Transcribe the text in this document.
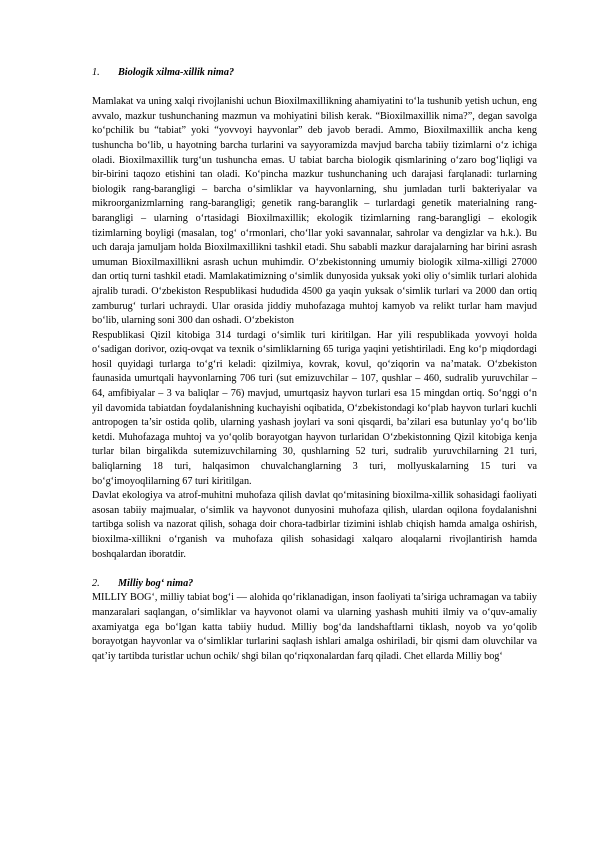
1.	Biologik xilma-xillik nima?

Mamlakat va uning xalqi rivojlanishi uchun Bioxilmaxillikning ahamiyatini to‘la tushunib yetish uchun, eng avvalo, mazkur tushunchaning mazmun va mohiyatini bilish kerak. “Bioxilmaxillik nima?”, degan savolga ko‘pchilik bu “tabiat” yoki “yovvoyi hayvonlar” deb javob beradi. Ammo, Bioxilmaxillik ancha keng tushuncha bo‘lib, u hayotning barcha turlarini va sayyoramizda mavjud barcha tabiiy tizimlarni o‘z ichiga oladi. Bioxilmaxillik turg‘un tushuncha emas. U tabiat barcha biologik qismlarining o‘zaro bog‘liqligi va bir-birini taqozo etishini tan oladi. Ko‘pincha mazkur tushunchaning uch darajasi farqlanadi: turlarning biologik rang-barangligi – barcha o‘simliklar va hayvonlarning, shu jumladan turli bakteriyalar va mikroorganizmlarning rang-barangligi; genetik rang-baranglik – turlardagi genetik materialning rang-barangligi – ularning o‘rtasidagi Bioxilmaxillik; ekologik tizimlarning rang-barangligi – ekologik tizimlarning boyligi (masalan, tog‘ o‘rmonlari, cho‘llar yoki savannalar, sahrolar va dengizlar va h.k.). Bu uch daraja jamuljam holda Bioxilmaxillikni tashkil etadi. Shu sababli mazkur darajalarning har birini asrash umuman Bioxilmaxillikni asrash uchun muhimdir. O‘zbekistonning umumiy biologik xilma-xilligi 27000 dan ortiq turni tashkil etadi. Mamlakatimizning o‘simlik dunyosida yuksak yoki oliy o‘simlik turlari alohida ajralib turadi. O‘zbekiston Respublikasi hududida 4500 ga yaqin yuksak o‘simlik turlari va 2000 dan ortiq zamburug‘ turlari uchraydi. Ular orasida jiddiy muhofazaga muhtoj kamyob va relikt turlar ham mavjud bo‘lib, ularning soni 300 dan oshadi. O‘zbekiston

Respublikasi Qizil kitobiga 314 turdagi o‘simlik turi kiritilgan. Har yili respublikada yovvoyi holda o‘sadigan dorivor, oziq-ovqat va texnik o‘simliklarning 65 turiga yaqini yetishtiriladi. Eng ko‘p miqdordagi hosil quyidagi turlarga to‘g‘ri keladi: qizilmiya, kovrak, kovul, qo‘ziqorin va na’matak. O‘zbekiston faunasida umurtqali hayvonlarning 706 turi (sut emizuvchilar – 107, qushlar – 460, sudralib yuruvchilar – 64, amfibiyalar – 3 va baliqlar – 76) mavjud, umurtqasiz hayvon turlari esa 15 mingdan ortiq. So‘nggi o‘n yil davomida tabiatdan foydalanishning kuchayishi oqibatida, O‘zbekistondagi ko‘plab hayvon turlari kuchli antropogen ta’sir ostida qolib, ularning yashash joylari va soni qisqardi, ba’zilari esa butunlay yo‘q bo‘lib ketdi. Muhofazaga muhtoj va yo‘qolib borayotgan hayvon turlaridan O‘zbekistonning Qizil kitobiga kenja turlar bilan birgalikda sutemizuvchilarning 30, qushlarning 52 turi, sudralib yuruvchilarning 21 turi, baliqlarning 18 turi, halqasimon chuvalchanglarning 3 turi, mollyuskalarning 15 turi va bo‘g‘imoyoqlilarning 67 turi kiritilgan.

Davlat ekologiya va atrof-muhitni muhofaza qilish davlat qo‘mitasining bioxilma-xillik sohasidagi faoliyati asosan tabiiy majmualar, o‘simlik va hayvonot dunyosini muhofaza qilish, ulardan oqilona foydalanishni tartibga solish va nazorat qilish, sohaga doir chora-tadbirlar tizimini ishlab chiqish hamda amalga oshirish, bioxilma-xillikni o‘rganish va muhofaza qilish sohasidagi xalqaro aloqalarni rivojlantirish hamda boshqalardan iboratdir.

2.	Milliy bog‘ nima?

MILLIY BOG‘, milliy tabiat bog‘i — alohida qo‘riklanadigan, inson faoliyati ta’siriga uchramagan va tabiiy manzaralari saqlangan, o‘simliklar va hayvonot olami va ularning yashash muhiti ilmiy va o‘quv-amaliy axamiyatga ega bo‘lgan katta tabiiy hudud. Milliy bog‘da landshaftlarni tiklash, noyob va yo‘qolib borayotgan hayvonlar va o‘simliklar turlarini saqlash ishlari amalga oshiriladi, bir qismi dam oluvchilar va qat’iy tartibda turistlar uchun ochik/ shgi bilan qo‘riqxonalardan farq qiladi. Chet ellarda Milliy bog‘
